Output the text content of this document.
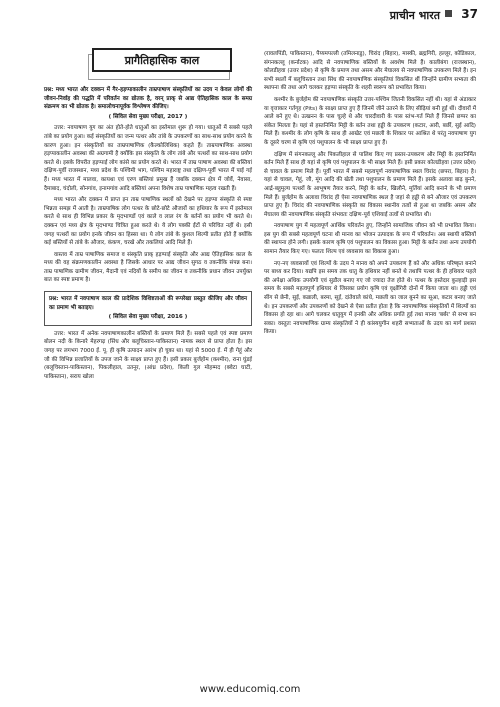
प्राचीन भारत 37
प्रागैतिहासिक काल

प्रश्न: मध्य भारत और दक्कन में गैर-हड़प्पाकालीन ताम्रपाषाण संस्कृतियों का उदय न केवल लोगों की जीवन-निर्वाह की पद्धति में परिवर्तन का द्योतक है, वरन् प्राक् से आद्य ऐतिहासिक काल के समग्र संक्रमण का भी द्योतक है। समालोचनापूर्वक विश्लेषण कीजिए।
( सिविल सेवा मुख्य परीक्षा, 2017 )

उत्तर: नवपाषाण युग का अंत होते-होते धातुओं का इस्तेमाल शुरू हो गया। धातुओं में सबसे पहले तांबे का प्रयोग हुआ। कई संस्कृतियों का जन्म पत्थर और तांबे के उपकरणों का साथ-साथ प्रयोग करने के कारण हुआ। इन संस्कृतियों का ताम्रपाषाणिक (कैल्कोलिथिक) कहते हैं। ताम्रपाषाणिक अवस्था हड़प्पाकालीन अवस्था की अग्रगामी है क्योंकि इस संस्कृति के लोग तांबे और पत्थरों का साथ-साथ प्रयोग करते थे। इसके विपरीत हड़प्पाई लोग कांसे का प्रयोग करते थे। भारत में ताम्र पाषाण अवस्था की बस्तियां दक्षिण-पूर्वी राजस्थान, मध्य प्रदेश के पश्चिमी भाग, पश्चिम महाराष्ट्र तथा दक्षिण-पूर्वी भारत में पाई गई हैं। मध्य भारत में मालवा, कायथा एवं एरण बस्तियां प्रमुख हैं जबकि दक्कन क्षेत्र में जोर्वे, नेवासा, दैमाबाद, चंदोली, सोनगांव, इनामगांव आदि बस्तियां अपना विशेष ताम्र पाषाणिक महत्व रखती हैं।

मध्य भारत और दक्कन में प्राप्त इन ताम्र पाषाणिक स्थलों को देखने पर हड़प्पा संस्कृति से स्पष्ट भिन्नता समझ में आती है। ताम्रपाषिक लोग पत्थर के छोटे-छोटे औजारों का हथियार के रूप में इस्तेमाल करते थे साथ ही विभिन्न प्रकार के मृदभाण्डों एवं काले व लाल रंग के बर्तनों का प्रयोग भी करते थे। दक्कन एवं मध्य क्षेत्र के मृदभाण्ड चित्रित हुआ करते थे। ये लोग पक्की ईंटों से परिचित नहीं थे। इसी जगह पत्थरों का प्रयोग इनके जीवन का हिस्सा था। ये लोग तांबे के कुशल शिल्पी प्रतीत होते हैं क्योंकि कई बस्तियों से तांबे के औजार, कंकण, चरखे और तकलियां आदि मिले हैं।

वास्तव में ताम्र पाषाणिक समाज व संस्कृति प्राक् हड़प्पाई संस्कृति और आद्य ऐतिहासिक काल के मध्य की वह संक्रमणकालीन अवस्था है जिसके आधार पर आद्य जीवन सुगठ व तकनीकि संपन्न बना। ताम्र पाषाणिक ग्रामीण जीवन, मैदानी एवं नदियों के समीप का जीवन व तकनीकि प्रधान जीवन उपर्युक्त बात का स्पष्ट प्रमाण है।

प्रश्न: भारत में नवपाषाण काल की प्रादेशिक विशिष्टताओं की रूपरेखा प्रस्तुत कीजिए और जीवन का प्रमाण भी बताइए।
( सिविल सेवा मुख्य परीक्षा, 2016 )

उत्तर: भारत में अनेक नवपाषाणकालीन बस्तियों के प्रमाण मिले हैं। सबसे पहले एवं स्पष्ट प्रमाण बोलन नदी के किनारे मेहरगढ़ (सिंध और बलूचिस्तान-पाकिस्तान) नामक स्थल से प्राप्त होता है। इस जगह पर लगभग 7000 ई. पू. ही कृषि उत्पादन आरंभ हो चुका था। यहां से 5000 ई. में ही गेहूं और जौ की विभिन्न प्रजातियों के उपज जाने के साक्ष्य प्राप्त हुए हैं। इसी प्रकार बुर्जहोम (कश्मीर), राना घुंडई (बलूचिस्तान-पाकिस्तान), पिकलीहाल, उतनूर, (आंध्र प्रदेश), किली गुल मोहम्मद (क्वेटा घाटी, पाकिस्तान), सराय खोला

(रावलपिंडी, पाकिस्तान), पैय्यमपल्ली (तमिलनाडु), चिरांद (बिहार), मास्की, ब्रह्मगिरी, हल्लूर, कोडिकाल, संगनकल्लू (कर्नाटक) आदि से नवपाषाणिक बस्तियों के अवशेष मिले हैं। कालीबंगा (राजस्थान), कोलडीहवा (उत्तर प्रदेश) से कृषि के प्रमाण तथा असम और मेघालय से नवपाषाणिक उपकरण मिले हैं। इन सभी स्थलों में बलूचिस्तान तथा सिंध की नवपाषाणिक संस्कृतियां विकसित थीं जिन्होंने ग्रामीण सभ्यता की स्थापना की तथा आगे चलकर हड़प्पा संस्कृति के शहरी स्वरूप को प्रभावित किया।

कश्मीर के बुर्जहोम की नवपाषाणिक संस्कृति उत्तर-पश्चिम जितनी विकसित नहीं थी। यहां से अंडाकार या वृत्ताकार गर्तगृह (Pits) के साक्ष्य प्राप्त हुए हैं जिनमें जीने उतरने के लिए सीढ़ियां बनी हुई थीं। दीवारों में आले बने हुए थे। उत्खनन के पास चूल्हे थे और चारदीवारी के पास स्तंभ-गर्त मिले हैं जिनसे छप्पर का संकेत मिलता है। यहां से हस्तनिर्मित मिट्टी के बर्तन तथा हड्डी के उपकरण (कटार, आरी, बर्छी, सुई आदि) मिले हैं। कश्मीर के लोग कृषि के साथ ही आखेट एवं मछली के शिकार पर आश्रित थे परंतु नवपाषाण युग के दूसरे चरण से कृषि एवं पशुपालन के भी साक्ष्य प्राप्त हुए हैं।

दक्षिण में संगनकल्लू और पिकलीहाल से पालिश किए गए प्रस्तर-उपकरण और मिट्टी के हस्तनिर्मित बर्तन मिले हैं साथ ही यहां से कृषि एवं पशुपालन के भी साक्ष्य मिले हैं। इसी प्रकार कोलडीहवा (उत्तर प्रदेश) से चावल के प्रमाण मिले हैं। पूर्वी भारत में सबसे महत्वपूर्ण नवपाषाणिक स्थल चिरांद (छपरा, बिहार) है। यहां से चावल, गेहूं, जौ, मूंग आदि की खेती तथा पशुपालन के प्रमाण मिले हैं। इसके अलावा बाढ़ बुनने, आर्द्र-बहुमुल्य पत्थरों के आभूषण तैयार करने, मिट्टी के बर्तन, खिलौने, मूर्तियां आदि बनाने के भी प्रमाण मिले हैं। बुर्जहोम के अलावा चिरांद ही ऐसा नवपाषाणिक स्थल है जहां से हड्डी से बने औजार एवं उपकरण प्राप्त हुए हैं। चिरांद की नवपाषाणिक संस्कृति का विकास स्थानीय तत्वों से हुआ था जबकि असम और मेघालय की नवपाषाणिक संस्कृति संभवतः दक्षिण-पूर्व एशियाई तत्वों से प्रभावित थी।

नवपाषाण युग में महत्वपूर्ण आर्थिक परिवर्तन हुए, जिन्होंने सामाजिक जीवन को भी प्रभावित किया। इस युग की सबसे महत्वपूर्ण घटना थी मानव का भोजन उत्पादक के रूप में परिवर्तन। अब स्थायी बस्तियों की स्थापना होने लगी। इसके कारण कृषि एवं पशुपालन का विकास हुआ। मिट्टी के बर्तन तथा अन्य उपयोगी सामान तैयार किए गए। फलतः शिल्प एवं व्यवसाय का विकास हुआ।

नए-नए व्यवसायों एवं शिल्पों के उदय ने मानव को अपने उपकरण हैं को और अधिक परिष्कृत बनाने पर बाध्य कर दिया। यद्यपि इस समय तक धातु के हथियार नहीं बनते थे तथापि पत्थर के ही हथियार पहले की अपेक्षा अधिक उपयोगी एवं सुडौल बनाए गए जो ज्यादा तेज होते थे। पत्थर के हस्तेदार कुल्हाड़ी इस समय के सबसे महत्वपूर्ण हथियार थे जिसका प्रयोग कृषि एवं वृक्षोंगिरी दोनों में किया जाता था। हड्डी एवं सींग से छेनी, सुई, कन्नाली, बरमा, सूई, दांतेवाले कांधे, मछली का जाल बुनने का सूआ, कटार बनाए जाते थे। इन उपकरणों और उपकरणों को देखने से ऐसा प्रतीत होता है कि नवपाषाणिक संस्कृतियों में शिल्पों का विकास हो रहा था। आगे चलकर धातुयुग में इनकी और अधिक प्रगति हुई तथा मानव 'बर्बर' से सभ्य बन सका। वस्तुतः नवपाषाणिक ग्राम्य संस्कृतियों ने ही कांस्ययुगीन शहरी सभ्यताओं के उदय का मार्ग प्रशस्त किया।

www.educomiq.com
